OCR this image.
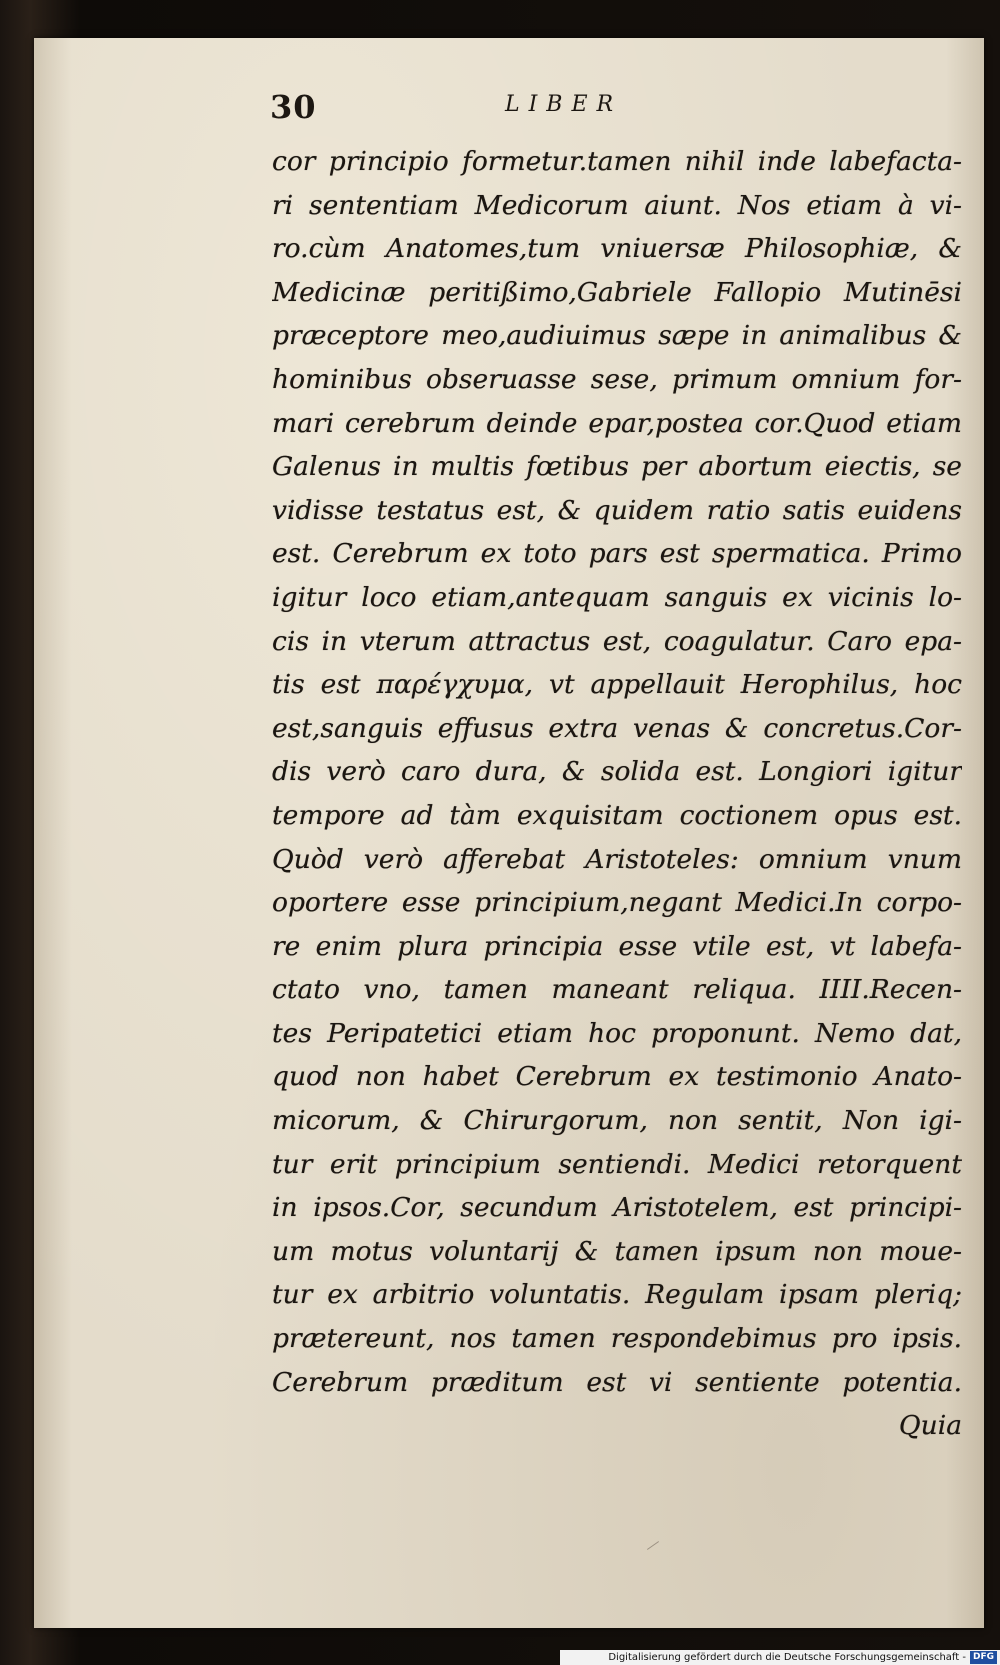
30	LIBER
cor principio formetur.tamen nihil inde labefacta-
ri sententiam Medicorum aiunt. Nos etiam à vi-
ro.cùm Anatomes,tum vniuersæ Philosophiæ, &
Medicinæ peritißimo,Gabriele Fallopio Mutinēsi
præceptore meo,audiuimus sæpe in animalibus &
hominibus obseruasse sese, primum omnium for-
mari cerebrum deinde epar,postea cor.Quod etiam
Galenus in multis fœtibus per abortum eiectis, se
vidisse testatus est, & quidem ratio satis euidens
est. Cerebrum ex toto pars est spermatica. Primo
igitur loco etiam,antequam sanguis ex vicinis lo-
cis in vterum attractus est, coagulatur. Caro epa-
tis est παρέγχυμα, vt appellauit Herophilus, hoc
est,sanguis effusus extra venas & concretus.Cor-
dis verò caro dura, & solida est. Longiori igitur
tempore ad tàm exquisitam coctionem opus est.
Quòd verò afferebat Aristoteles: omnium vnum
oportere esse principium,negant Medici.In corpo-
re enim plura principia esse vtile est, vt labefa-
ctato vno, tamen maneant reliqua. IIII.Recen-
tes Peripatetici etiam hoc proponunt. Nemo dat,
quod non habet Cerebrum ex testimonio Anato-
micorum, & Chirurgorum, non sentit, Non igi-
tur erit principium sentiendi. Medici retorquent
in ipsos.Cor, secundum Aristotelem, est principi-
um motus voluntarij & tamen ipsum non moue-
tur ex arbitrio voluntatis. Regulam ipsam pleriq;
prætereunt, nos tamen respondebimus pro ipsis.
Cerebrum præditum est vi sentiente potentia.
Quia
Digitalisierung gefördert durch die Deutsche Forschungsgemeinschaft - DFG
